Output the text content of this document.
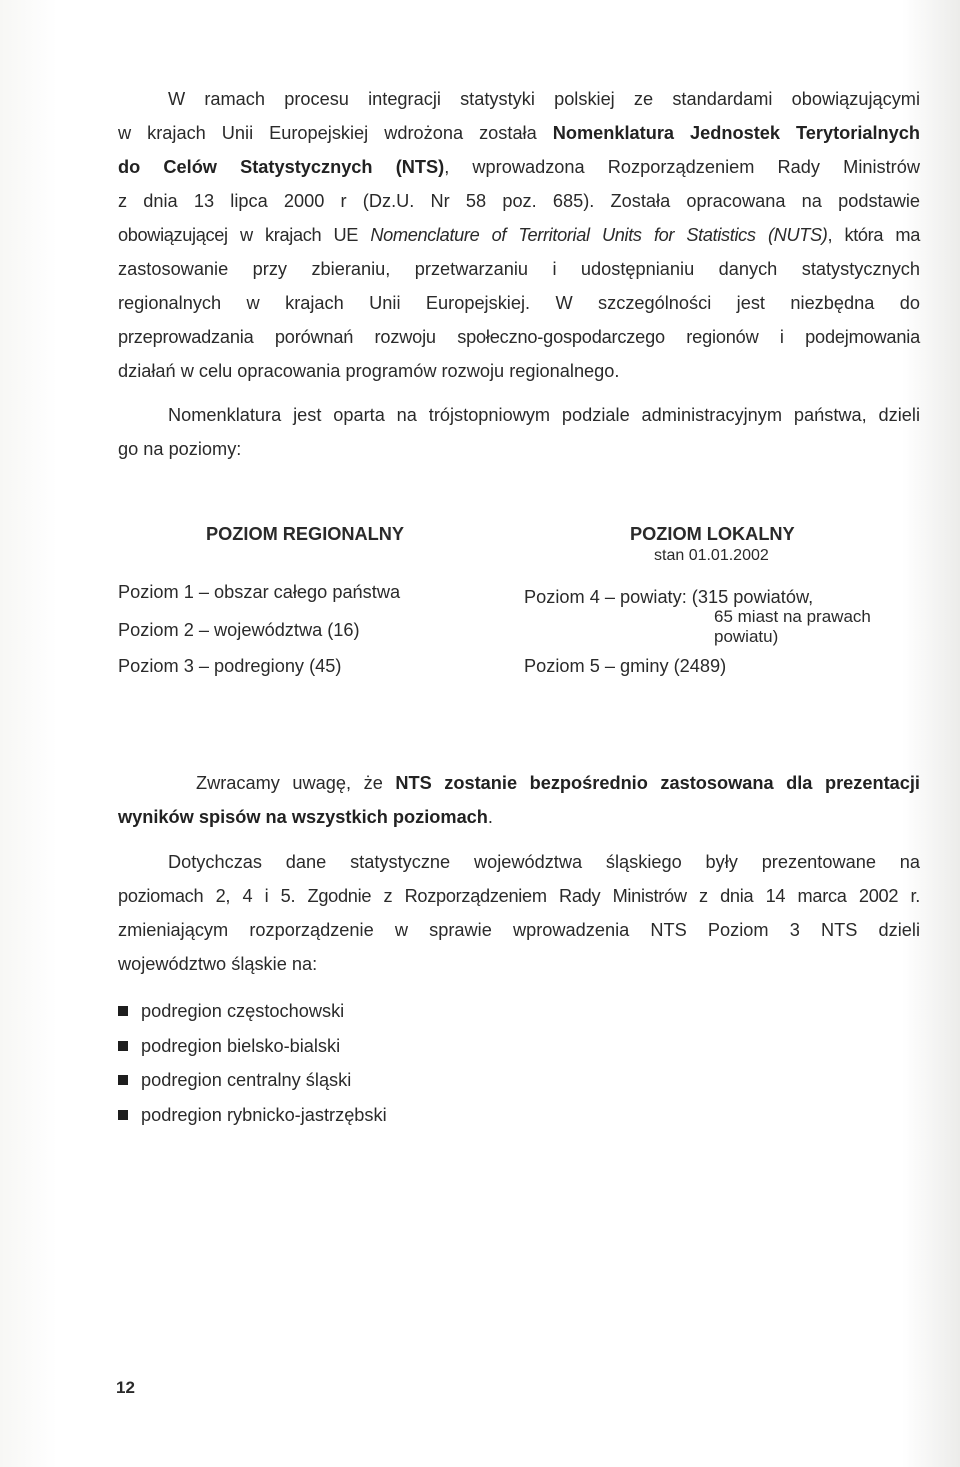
W ramach procesu integracji statystyki polskiej ze standardami obowiązującymi
w krajach Unii Europejskiej wdrożona została Nomenklatura Jednostek Terytorialnych
do Celów Statystycznych (NTS), wprowadzona Rozporządzeniem Rady Ministrów
z dnia 13 lipca 2000 r (Dz.U. Nr 58 poz. 685). Została opracowana na podstawie
obowiązującej w krajach UE Nomenclature of Territorial Units for Statistics (NUTS), która ma
zastosowanie przy zbieraniu, przetwarzaniu i udostępnianiu danych statystycznych
regionalnych w krajach Unii Europejskiej. W szczególności jest niezbędna do
przeprowadzania porównań rozwoju społeczno-gospodarczego regionów i podejmowania
działań w celu opracowania programów rozwoju regionalnego.
Nomenklatura jest oparta na trójstopniowym podziale administracyjnym państwa, dzieli
go na poziomy:
POZIOM REGIONALNY	POZIOM LOKALNY
stan 01.01.2002
Poziom 1 – obszar całego państwa
Poziom 2 – województwa (16)
Poziom 3 – podregiony (45)
Poziom 4 – powiaty: (315 powiatów,
65 miast na prawach
powiatu)
Poziom 5 – gminy (2489)
Zwracamy uwagę, że NTS zostanie bezpośrednio zastosowana dla prezentacji
wyników spisów na wszystkich poziomach.
Dotychczas dane statystyczne województwa śląskiego były prezentowane na
poziomach 2, 4 i 5. Zgodnie z Rozporządzeniem Rady Ministrów z dnia 14 marca 2002 r.
zmieniającym rozporządzenie w sprawie wprowadzenia NTS Poziom 3 NTS dzieli
województwo śląskie na:
podregion częstochowski
podregion bielsko-bialski
podregion centralny śląski
podregion rybnicko-jastrzębski
12
